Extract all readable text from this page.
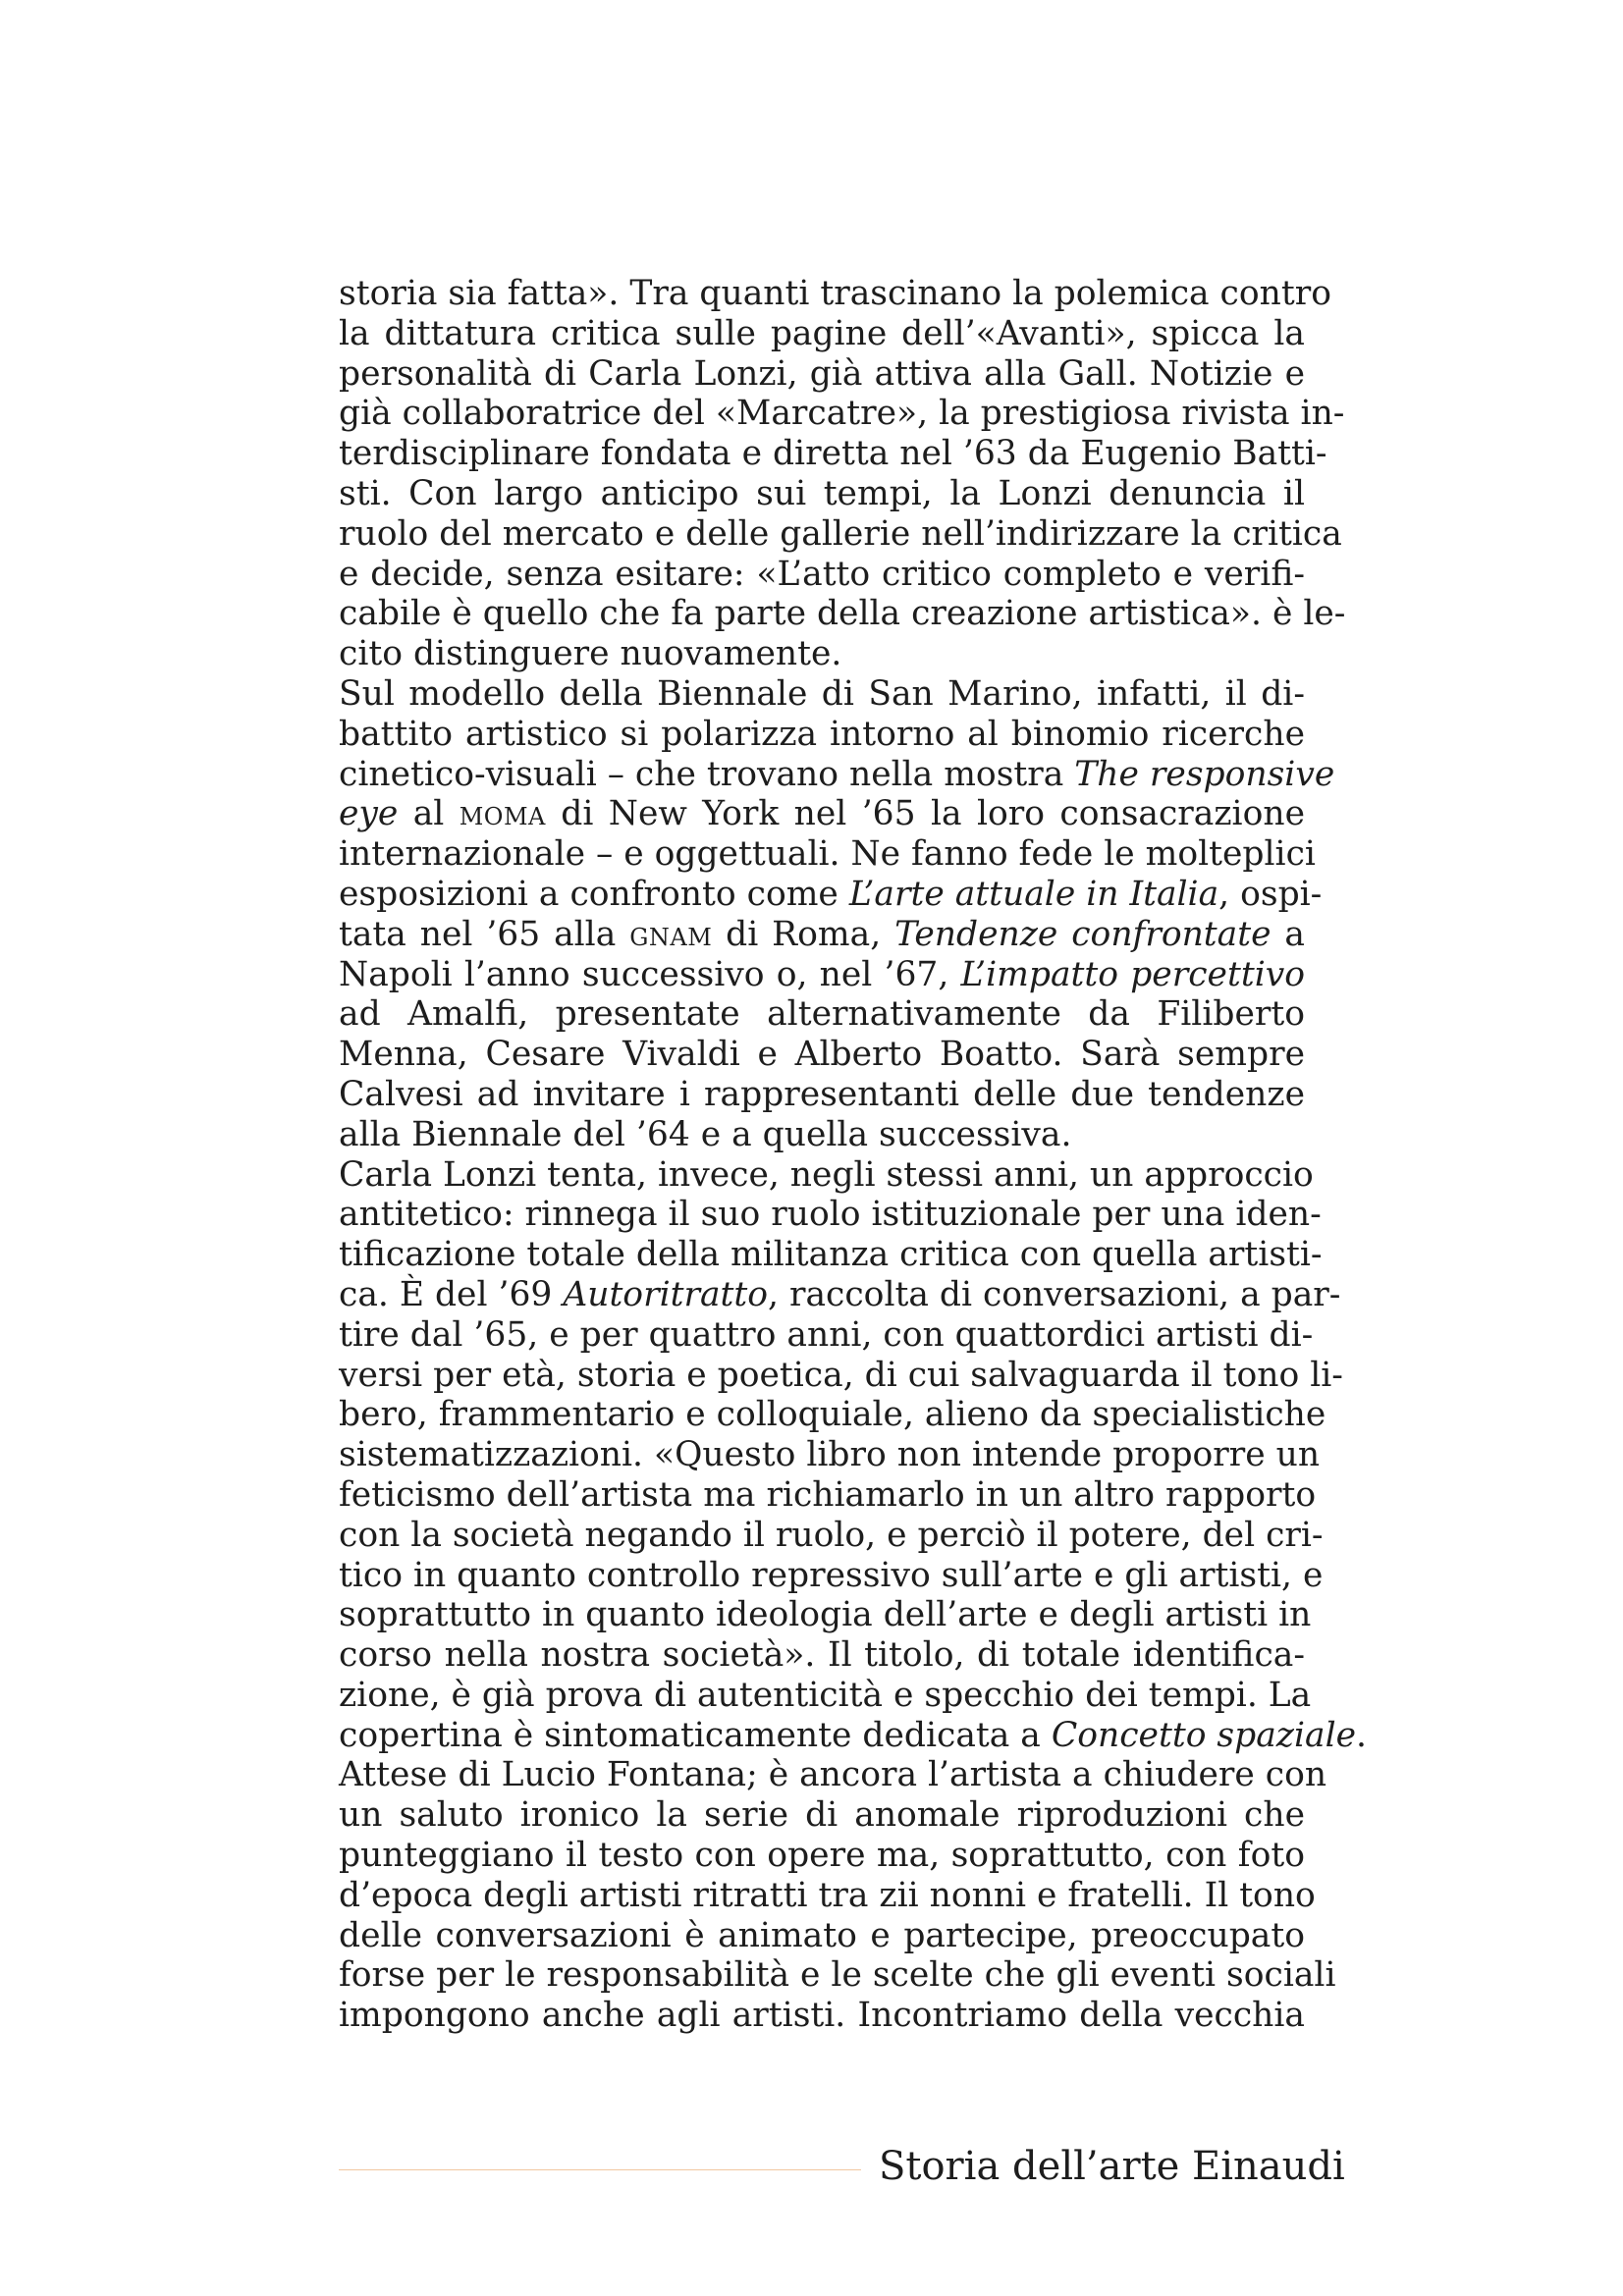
storia sia fatta». Tra quanti trascinano la polemica contro
la dittatura critica sulle pagine dell’«Avanti», spicca la
personalità di Carla Lonzi, già attiva alla Gall. Notizie e
già collaboratrice del «Marcatre», la prestigiosa rivista in-
terdisciplinare fondata e diretta nel ’63 da Eugenio Batti-
sti. Con largo anticipo sui tempi, la Lonzi denuncia il
ruolo del mercato e delle gallerie nell’indirizzare la critica
e decide, senza esitare: «L’atto critico completo e verifi-
cabile è quello che fa parte della creazione artistica». è le-
cito distinguere nuovamente.
Sul modello della Biennale di San Marino, infatti, il di-
battito artistico si polarizza intorno al binomio ricerche
cinetico-visuali – che trovano nella mostra The responsive
eye al moma di New York nel ’65 la loro consacrazione
internazionale – e oggettuali. Ne fanno fede le molteplici
esposizioni a confronto come L’arte attuale in Italia, ospi-
tata nel ’65 alla gnam di Roma, Tendenze confrontate a
Napoli l’anno successivo o, nel ’67, L’impatto percettivo
ad Amalfi, presentate alternativamente da Filiberto
Menna, Cesare Vivaldi e Alberto Boatto. Sarà sempre
Calvesi ad invitare i rappresentanti delle due tendenze
alla Biennale del ’64 e a quella successiva.
Carla Lonzi tenta, invece, negli stessi anni, un approccio
antitetico: rinnega il suo ruolo istituzionale per una iden-
tificazione totale della militanza critica con quella artisti-
ca. È del ’69 Autoritratto, raccolta di conversazioni, a par-
tire dal ’65, e per quattro anni, con quattordici artisti di-
versi per età, storia e poetica, di cui salvaguarda il tono li-
bero, frammentario e colloquiale, alieno da specialistiche
sistematizzazioni. «Questo libro non intende proporre un
feticismo dell’artista ma richiamarlo in un altro rapporto
con la società negando il ruolo, e perciò il potere, del cri-
tico in quanto controllo repressivo sull’arte e gli artisti, e
soprattutto in quanto ideologia dell’arte e degli artisti in
corso nella nostra società». Il titolo, di totale identifica-
zione, è già prova di autenticità e specchio dei tempi. La
copertina è sintomaticamente dedicata a Concetto spaziale.
Attese di Lucio Fontana; è ancora l’artista a chiudere con
un saluto ironico la serie di anomale riproduzioni che
punteggiano il testo con opere ma, soprattutto, con foto
d’epoca degli artisti ritratti tra zii nonni e fratelli. Il tono
delle conversazioni è animato e partecipe, preoccupato
forse per le responsabilità e le scelte che gli eventi sociali
impongono anche agli artisti. Incontriamo della vecchia
Storia dell’arte Einaudi
